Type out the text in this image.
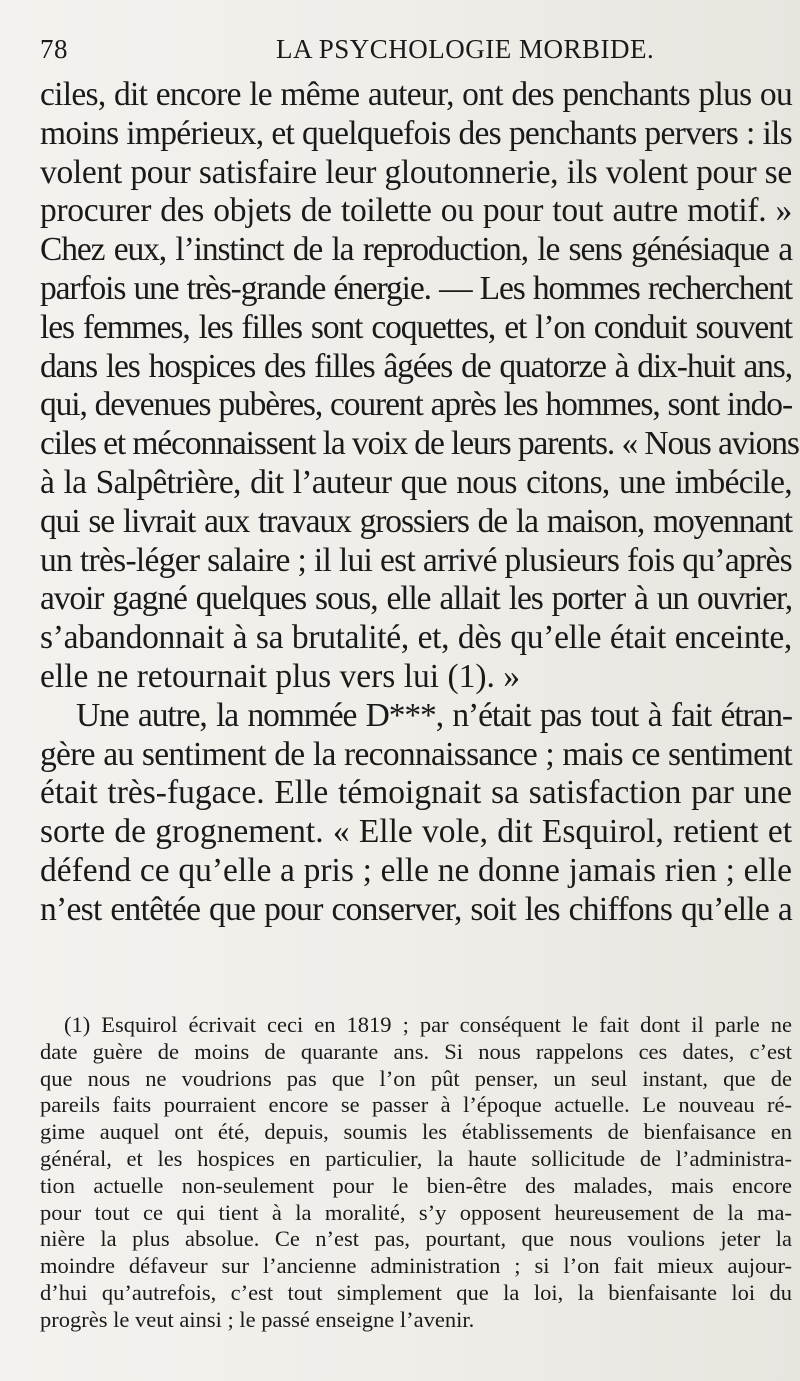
78	LA PSYCHOLOGIE MORBIDE.
ciles, dit encore le même auteur, ont des penchants plus ou
moins impérieux, et quelquefois des penchants pervers : ils
volent pour satisfaire leur gloutonnerie, ils volent pour se
procurer des objets de toilette ou pour tout autre motif. »
Chez eux, l’instinct de la reproduction, le sens génésiaque a
parfois une très-grande énergie. — Les hommes recherchent
les femmes, les filles sont coquettes, et l’on conduit souvent
dans les hospices des filles âgées de quatorze à dix-huit ans,
qui, devenues pubères, courent après les hommes, sont indo-
ciles et méconnaissent la voix de leurs parents. « Nous avions
à la Salpêtrière, dit l’auteur que nous citons, une imbécile,
qui se livrait aux travaux grossiers de la maison, moyennant
un très-léger salaire ; il lui est arrivé plusieurs fois qu’après
avoir gagné quelques sous, elle allait les porter à un ouvrier,
s’abandonnait à sa brutalité, et, dès qu’elle était enceinte,
elle ne retournait plus vers lui (1). »
Une autre, la nommée D***, n’était pas tout à fait étran-
gère au sentiment de la reconnaissance ; mais ce sentiment
était très-fugace. Elle témoignait sa satisfaction par une
sorte de grognement. « Elle vole, dit Esquirol, retient et
défend ce qu’elle a pris ; elle ne donne jamais rien ; elle
n’est entêtée que pour conserver, soit les chiffons qu’elle a
(1) Esquirol écrivait ceci en 1819 ; par conséquent le fait dont il parle ne
date guère de moins de quarante ans. Si nous rappelons ces dates, c’est
que nous ne voudrions pas que l’on pût penser, un seul instant, que de
pareils faits pourraient encore se passer à l’époque actuelle. Le nouveau ré-
gime auquel ont été, depuis, soumis les établissements de bienfaisance en
général, et les hospices en particulier, la haute sollicitude de l’administra-
tion actuelle non-seulement pour le bien-être des malades, mais encore
pour tout ce qui tient à la moralité, s’y opposent heureusement de la ma-
nière la plus absolue. Ce n’est pas, pourtant, que nous voulions jeter la
moindre défaveur sur l’ancienne administration ; si l’on fait mieux aujour-
d’hui qu’autrefois, c’est tout simplement que la loi, la bienfaisante loi du
progrès le veut ainsi ; le passé enseigne l’avenir.
